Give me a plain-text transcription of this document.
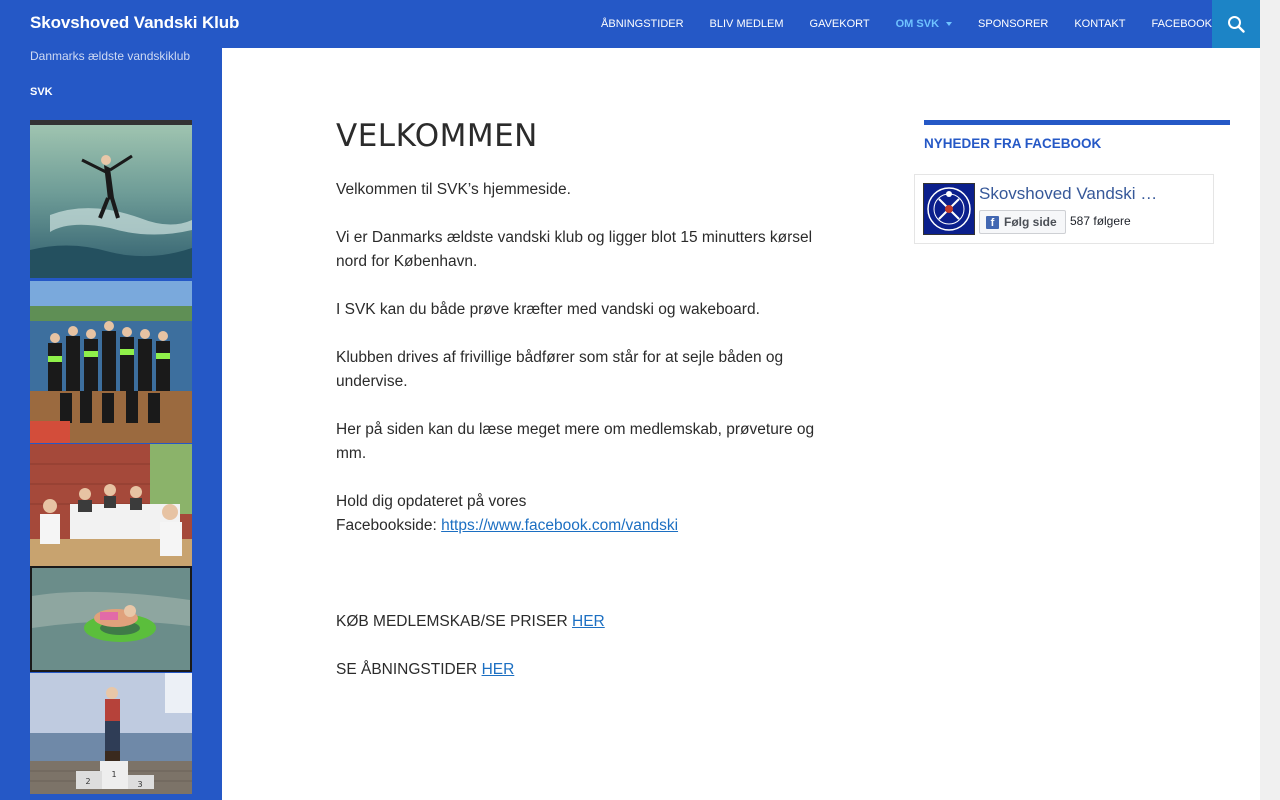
Skovshoved Vandski Klub	ÅBNINGSTIDER BLIV MEDLEM GAVEKORT OM SVK	SPONSORER KONTAKT FACEBOOK
Danmarks ældste vandskiklub
SVK
1
2	3
VELKOMMEN

Velkommen til SVK’s hjemmeside.

Vi er Danmarks ældste vandski klub og ligger blot 15 minutters kørsel nord for København.

I SVK kan du både prøve kræfter med vandski og wakeboard.

Klubben drives af frivillige bådfører som står for at sejle båden og undervise.

Her på siden kan du læse meget mere om medlemskab, prøveture og mm.

Hold dig opdateret på vores
Facebookside: https://www.facebook.com/vandski

KØB MEDLEMSKAB/SE PRISER HER

SE ÅBNINGSTIDER HER

NYHEDER FRA FACEBOOK
Skovshoved Vandski …
f Følg side 587 følgere
